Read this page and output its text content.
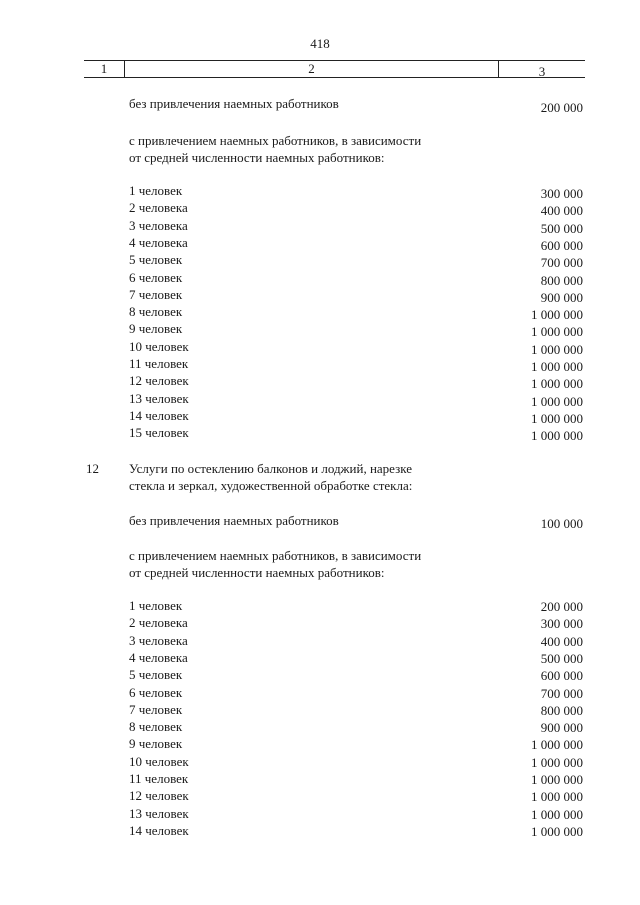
418
1	2	3
без привлечения наемных работников	200 000
с привлечением наемных работников, в зависимости
от средней численности наемных работников:
1 человек	300 000
2 человека	400 000
3 человека	500 000
4 человека	600 000
5 человек	700 000
6 человек	800 000
7 человек	900 000
8 человек	1 000 000
9 человек	1 000 000
10 человек	1 000 000
11 человек	1 000 000
12 человек	1 000 000
13 человек	1 000 000
14 человек	1 000 000
15 человек	1 000 000
12 Услуги по остеклению балконов и лоджий, нарезке
стекла и зеркал, художественной обработке стекла:
без привлечения наемных работников	100 000
с привлечением наемных работников, в зависимости
от средней численности наемных работников:
1 человек	200 000
2 человека	300 000
3 человека	400 000
4 человека	500 000
5 человек	600 000
6 человек	700 000
7 человек	800 000
8 человек	900 000
9 человек	1 000 000
10 человек	1 000 000
11 человек	1 000 000
12 человек	1 000 000
13 человек	1 000 000
14 человек	1 000 000
